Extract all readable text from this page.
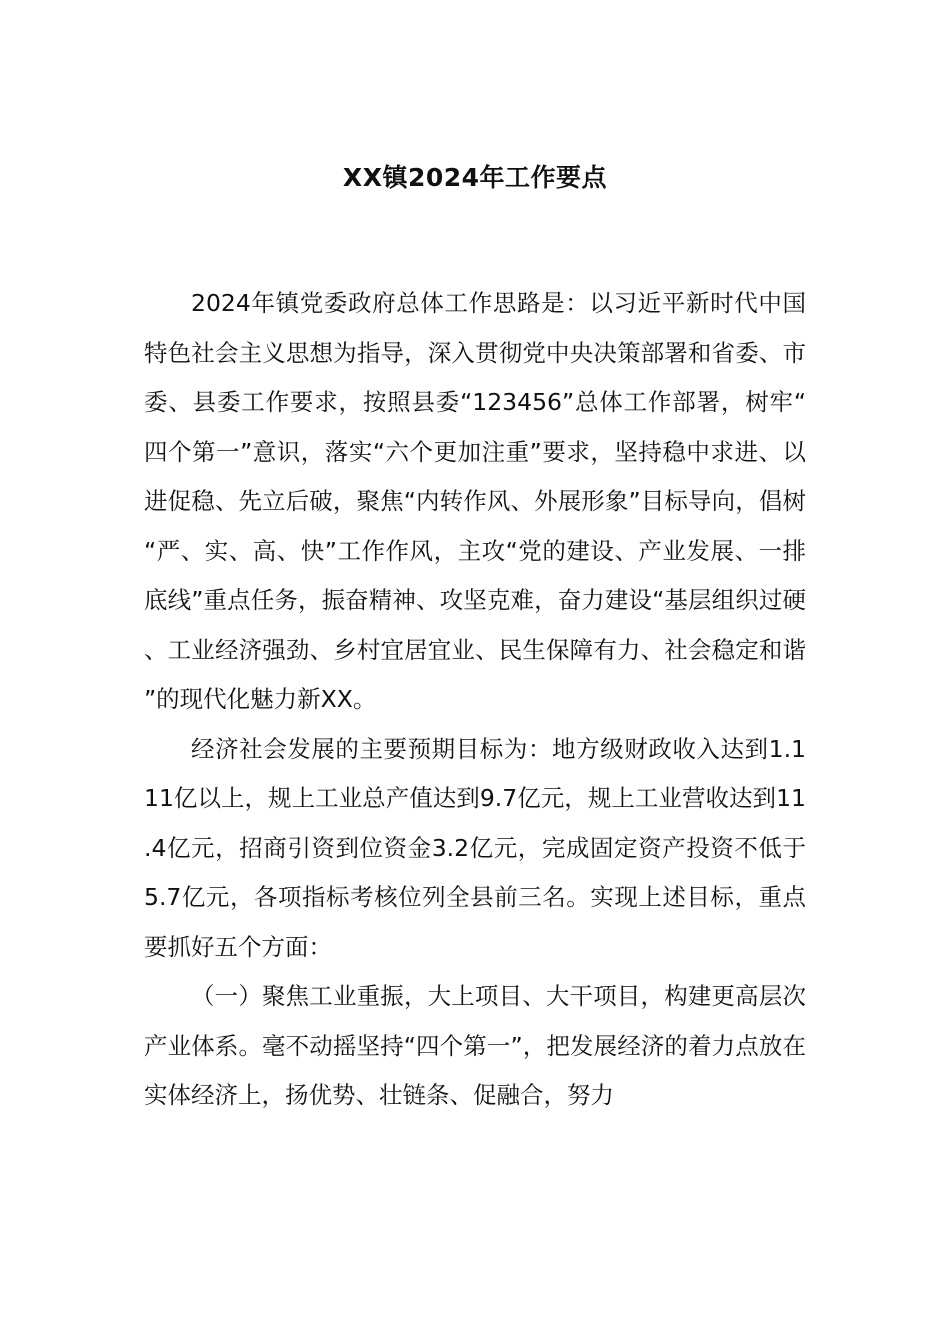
XX镇2024年工作要点

2024年镇党委政府总体工作思路是：以习近平新时代中国特色社会主义思想为指导，深入贯彻党中央决策部署和省委、市委、县委工作要求，按照县委“123456”总体工作部署，树牢“四个第一”意识，落实“六个更加注重”要求，坚持稳中求进、以进促稳、先立后破，聚焦“内转作风、外展形象”目标导向，倡树“严、实、高、快”工作作风，主攻“党的建设、产业发展、一排底线”重点任务，振奋精神、攻坚克难，奋力建设“基层组织过硬、工业经济强劲、乡村宜居宜业、民生保障有力、社会稳定和谐”的现代化魅力新XX。

经济社会发展的主要预期目标为：地方级财政收入达到1.111亿以上，规上工业总产值达到9.7亿元，规上工业营收达到11.4亿元，招商引资到位资金3.2亿元，完成固定资产投资不低于5.7亿元，各项指标考核位列全县前三名。实现上述目标，重点要抓好五个方面：

（一）聚焦工业重振，大上项目、大干项目，构建更高层次产业体系。毫不动摇坚持“四个第一”，把发展经济的着力点放在实体经济上，扬优势、壮链条、促融合，努力
